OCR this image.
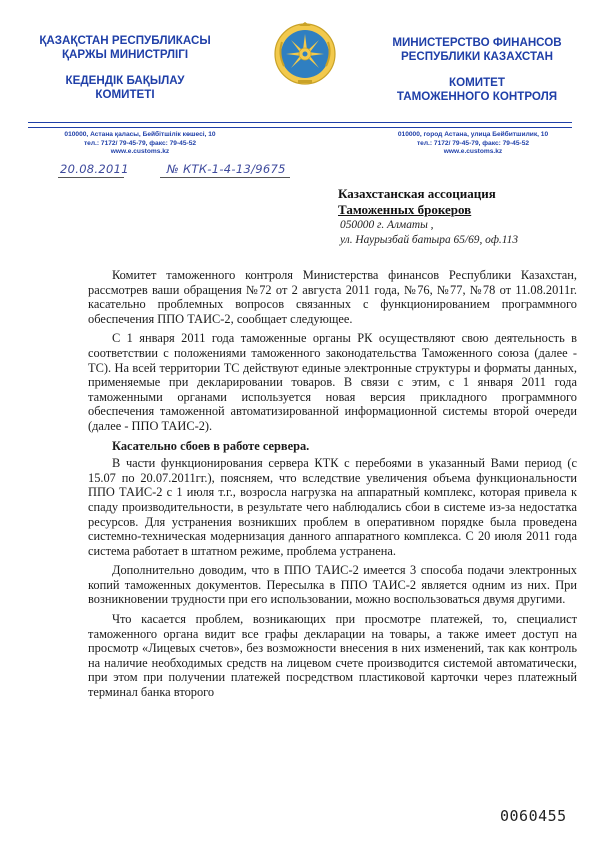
ҚАЗАҚСТАН РЕСПУБЛИКАСЫ
ҚАРЖЫ МИНИСТРЛІГІ
КЕДЕНДІК БАҚЫЛАУ
КОМИТЕТІ
МИНИСТЕРСТВО ФИНАНСОВ
РЕСПУБЛИКИ КАЗАХСТАН
КОМИТЕТ
ТАМОЖЕННОГО КОНТРОЛЯ
010000, Астана қаласы, Бейбітшілік көшесі, 10
тел.: 7172/ 79-45-79, факс: 79-45-52
www.e.customs.kz
010000, город Астана, улица Бейбитшилик, 10
тел.: 7172/ 79-45-79, факс: 79-45-52
www.e.customs.kz
20.08.2011	№ КТК-1-4-13/9675
Казахстанская ассоциация
Таможенных брокеров
050000 г. Алматы ,
ул. Наурызбай батыра 65/69, оф.113

Комитет таможенного контроля Министерства финансов Республики Казахстан, рассмотрев ваши обращения №72 от 2 августа 2011 года, №76, №77, №78 от 11.08.2011г. касательно проблемных вопросов связанных с функционированием программного обеспечения ППО ТАИС-2, сообщает следующее.

С 1 января 2011 года таможенные органы РК осуществляют свою деятельность в соответствии с положениями таможенного законодательства Таможенного союза (далее - ТС). На всей территории ТС действуют единые электронные структуры и форматы данных, применяемые при декларировании товаров. В связи с этим, с 1 января 2011 года таможенными органами используется новая версия прикладного программного обеспечения таможенной автоматизированной информационной системы второй очереди (далее - ППО ТАИС-2).

Касательно сбоев в работе сервера.

В части функционирования сервера КТК с перебоями в указанный Вами период (с 15.07 по 20.07.2011гг.), поясняем, что вследствие увеличения объема функциональности ППО ТАИС-2 с 1 июля т.г., возросла нагрузка на аппаратный комплекс, которая привела к спаду производительности, в результате чего наблюдались сбои в системе из-за недостатка ресурсов. Для устранения возникших проблем в оперативном порядке была проведена системно-техническая модернизация данного аппаратного комплекса. С 20 июля 2011 года система работает в штатном режиме, проблема устранена.

Дополнительно доводим, что в ППО ТАИС-2 имеется 3 способа подачи электронных копий таможенных документов. Пересылка в ППО ТАИС-2 является одним из них. При возникновении трудности при его использовании, можно воспользоваться двумя другими.

Что касается проблем, возникающих при просмотре платежей, то, специалист таможенного органа видит все графы декларации на товары, а также имеет доступ на просмотр «Лицевых счетов», без возможности внесения в них изменений, так как контроль на наличие необходимых средств на лицевом счете производится системой автоматически, при этом при получении платежей посредством пластиковой карточки через платежный терминал банка второго

0060455
